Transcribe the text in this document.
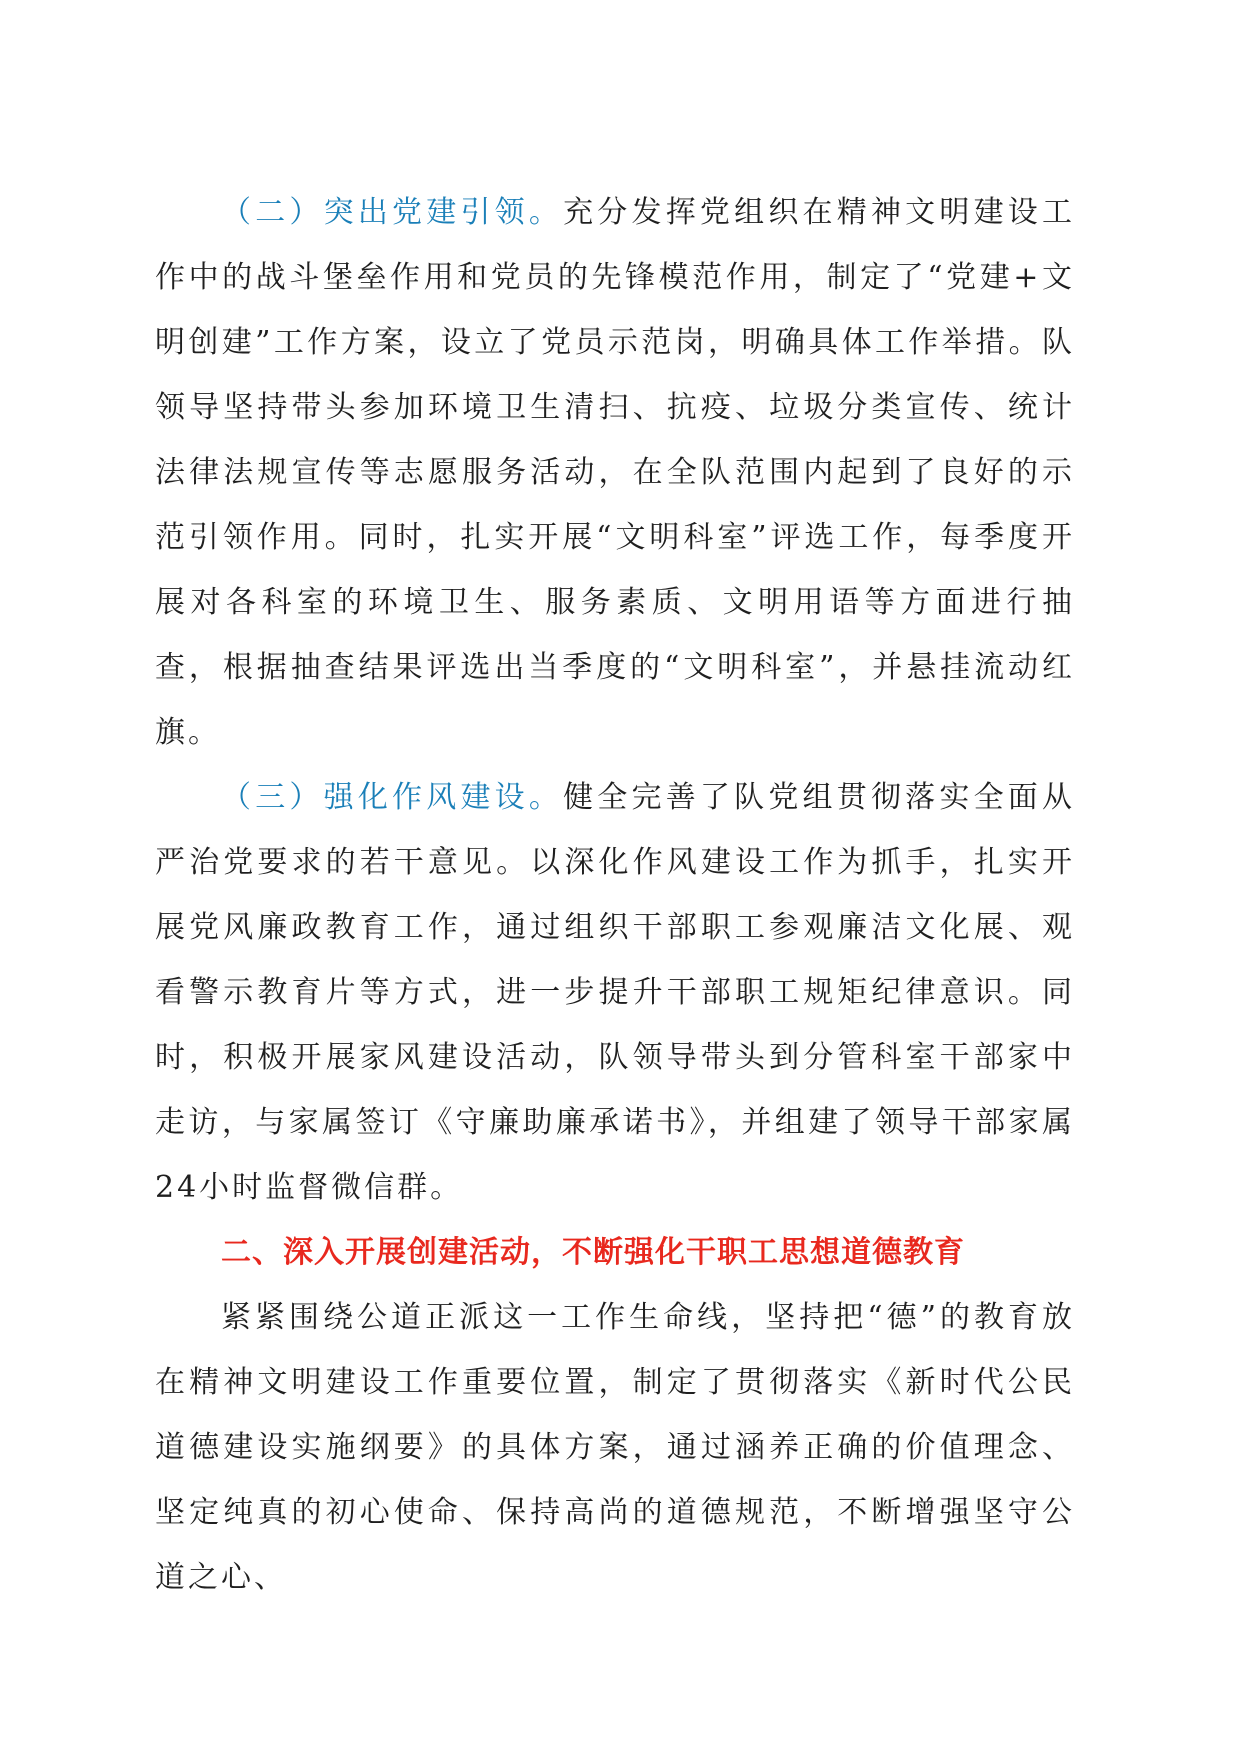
（二）突出党建引领。充分发挥党组织在精神文明建设工作中的战斗堡垒作用和党员的先锋模范作用，制定了“党建+文明创建”工作方案，设立了党员示范岗，明确具体工作举措。队领导坚持带头参加环境卫生清扫、抗疫、垃圾分类宣传、统计法律法规宣传等志愿服务活动，在全队范围内起到了良好的示范引领作用。同时，扎实开展“文明科室”评选工作，每季度开展对各科室的环境卫生、服务素质、文明用语等方面进行抽查，根据抽查结果评选出当季度的“文明科室”，并悬挂流动红旗。

（三）强化作风建设。健全完善了队党组贯彻落实全面从严治党要求的若干意见。以深化作风建设工作为抓手，扎实开展党风廉政教育工作，通过组织干部职工参观廉洁文化展、观看警示教育片等方式，进一步提升干部职工规矩纪律意识。同时，积极开展家风建设活动，队领导带头到分管科室干部家中走访，与家属签订《守廉助廉承诺书》，并组建了领导干部家属24小时监督微信群。

二、深入开展创建活动，不断强化干职工思想道德教育

紧紧围绕公道正派这一工作生命线，坚持把“德”的教育放在精神文明建设工作重要位置，制定了贯彻落实《新时代公民道德建设实施纲要》的具体方案，通过涵养正确的价值理念、坚定纯真的初心使命、保持高尚的道德规范，不断增强坚守公道之心、
